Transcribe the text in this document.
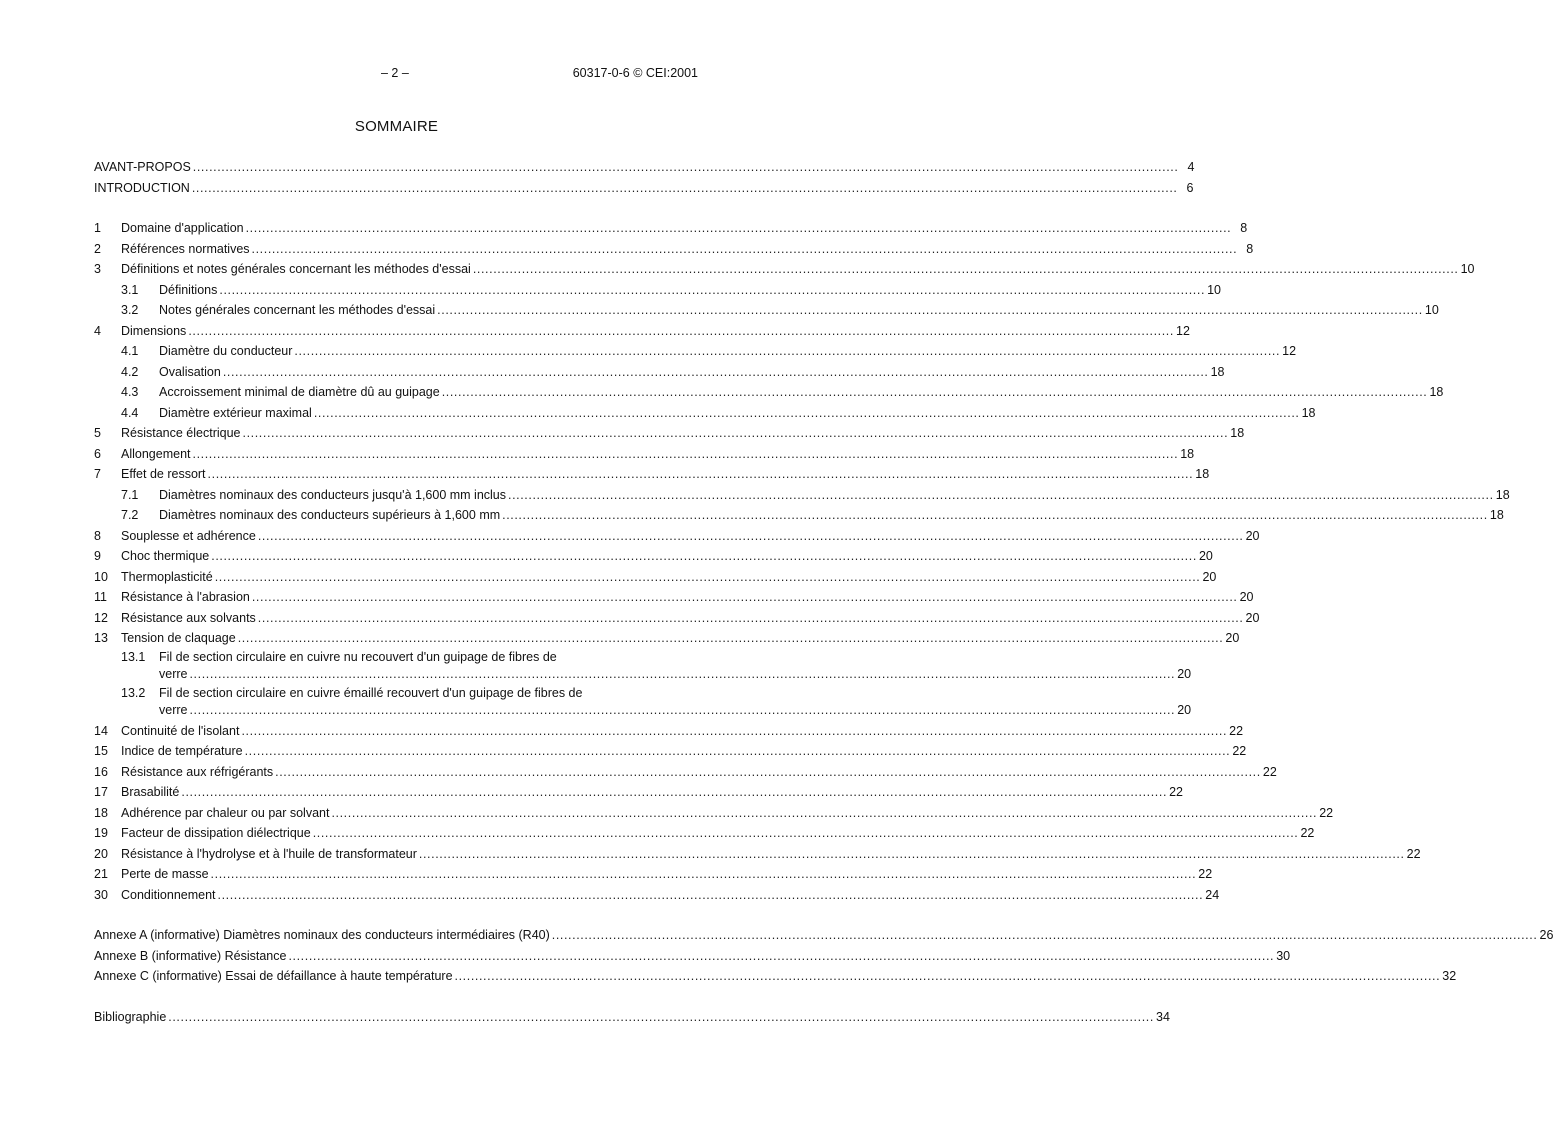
– 2 –	60317-0-6 © CEI:2001
SOMMAIRE
AVANT-PROPOS .....	4
INTRODUCTION .....	6
1	Domaine d'application .....	8
2	Références normatives .....	8
3	Définitions et notes générales concernant les méthodes d'essai .....	10
3.1	Définitions .....	10
3.2	Notes générales concernant les méthodes d'essai .....	10
4	Dimensions .....	12
4.1	Diamètre du conducteur .....	12
4.2	Ovalisation .....	18
4.3	Accroissement minimal de diamètre dû au guipage .....	18
4.4	Diamètre extérieur maximal .....	18
5	Résistance électrique .....	18
6	Allongement .....	18
7	Effet de ressort .....	18
7.1	Diamètres nominaux des conducteurs jusqu'à 1,600 mm inclus .....	18
7.2	Diamètres nominaux des conducteurs supérieurs à 1,600 mm .....	18
8	Souplesse et adhérence .....	20
9	Choc thermique .....	20
10	Thermoplasticité .....	20
11	Résistance à l'abrasion .....	20
12	Résistance aux solvants .....	20
13	Tension de claquage .....	20
13.1	Fil de section circulaire en cuivre nu recouvert d'un guipage de fibres de
verre .....	20
13.2	Fil de section circulaire en cuivre émaillé recouvert d'un guipage de fibres de
verre .....	20
14	Continuité de l'isolant .....	22
15	Indice de température .....	22
16	Résistance aux réfrigérants .....	22
17	Brasabilité .....	22
18	Adhérence par chaleur ou par solvant .....	22
19	Facteur de dissipation diélectrique .....	22
20	Résistance à l'hydrolyse et à l'huile de transformateur .....	22
21	Perte de masse .....	22
30	Conditionnement .....	24
Annexe A (informative) Diamètres nominaux des conducteurs intermédiaires (R40) .....	26
Annexe B (informative) Résistance .....	30
Annexe C (informative) Essai de défaillance à haute température .....	32
Bibliographie .....	34
